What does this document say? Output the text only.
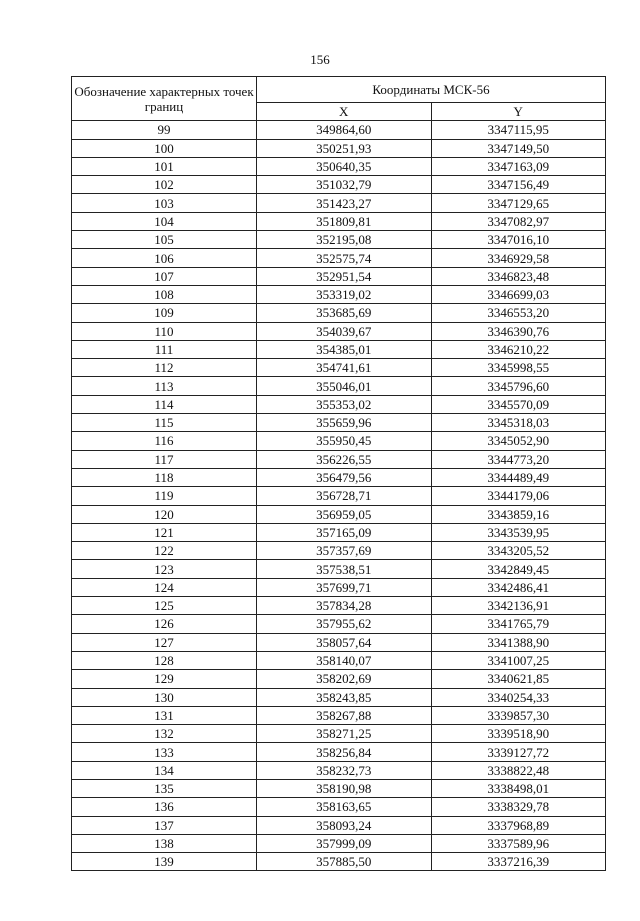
156
Обозначение характерных точек границ	Координаты МСК-56	
	X	Y
99	349864,60	3347115,95
100	350251,93	3347149,50
101	350640,35	3347163,09
102	351032,79	3347156,49
103	351423,27	3347129,65
104	351809,81	3347082,97
105	352195,08	3347016,10
106	352575,74	3346929,58
107	352951,54	3346823,48
108	353319,02	3346699,03
109	353685,69	3346553,20
110	354039,67	3346390,76
111	354385,01	3346210,22
112	354741,61	3345998,55
113	355046,01	3345796,60
114	355353,02	3345570,09
115	355659,96	3345318,03
116	355950,45	3345052,90
117	356226,55	3344773,20
118	356479,56	3344489,49
119	356728,71	3344179,06
120	356959,05	3343859,16
121	357165,09	3343539,95
122	357357,69	3343205,52
123	357538,51	3342849,45
124	357699,71	3342486,41
125	357834,28	3342136,91
126	357955,62	3341765,79
127	358057,64	3341388,90
128	358140,07	3341007,25
129	358202,69	3340621,85
130	358243,85	3340254,33
131	358267,88	3339857,30
132	358271,25	3339518,90
133	358256,84	3339127,72
134	358232,73	3338822,48
135	358190,98	3338498,01
136	358163,65	3338329,78
137	358093,24	3337968,89
138	357999,09	3337589,96
139	357885,50	3337216,39
